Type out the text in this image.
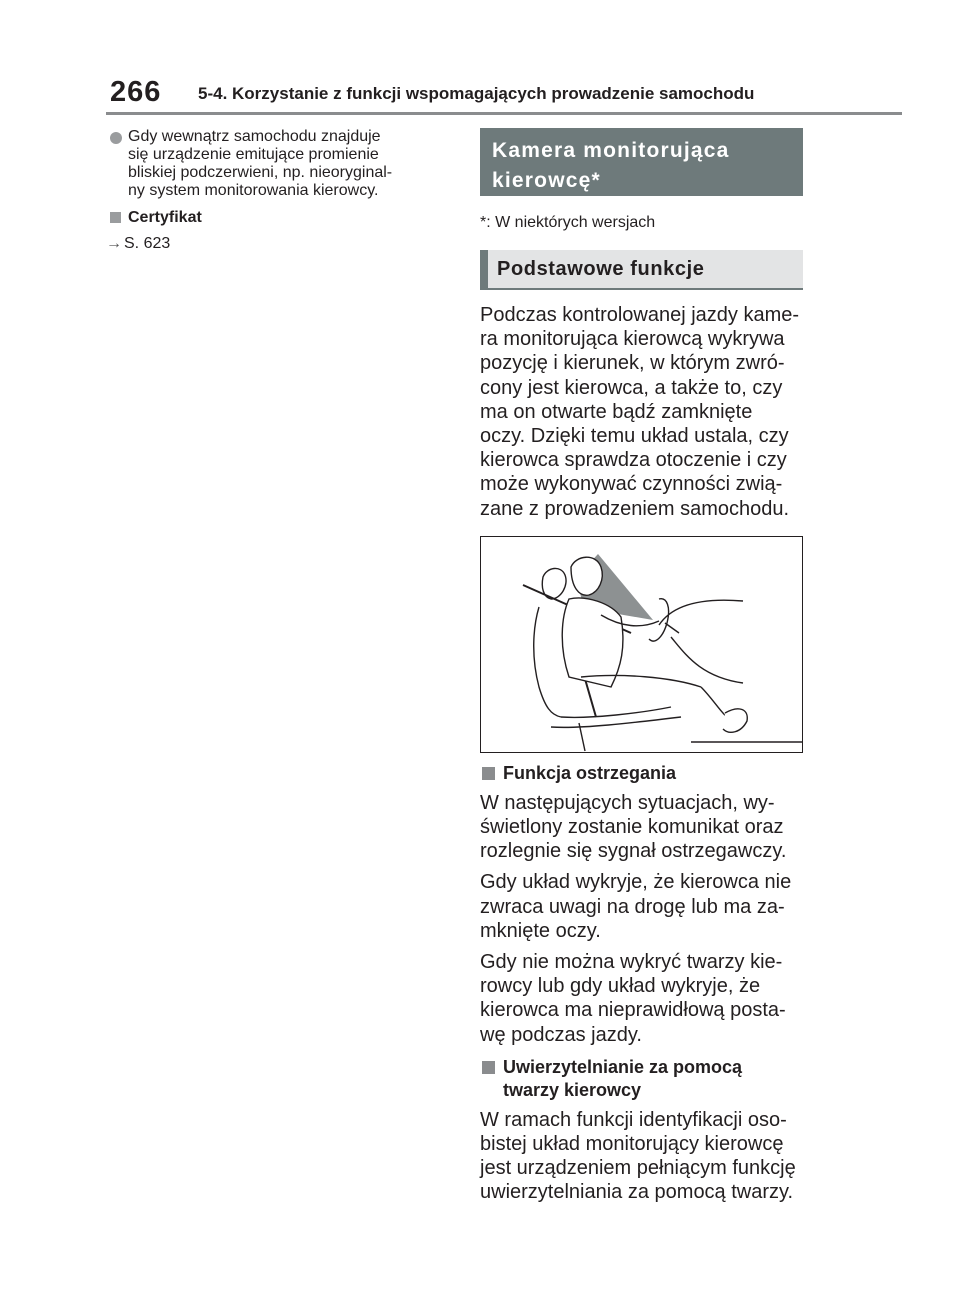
266 5-4. Korzystanie z funkcji wspomagających prowadzenie samochodu
Gdy wewnątrz samochodu znajduje
się urządzenie emitujące promienie
bliskiej podczerwieni, np. nieoryginal-
ny system monitorowania kierowcy.
Certyfikat
→ S. 623
Kamera monitorująca
kierowcę*
*: W niektórych wersjach
Podstawowe funkcje
Podczas kontrolowanej jazdy kame-
ra monitorująca kierowcą wykrywa
pozycję i kierunek, w którym zwró-
cony jest kierowca, a także to, czy
ma on otwarte bądź zamknięte
oczy. Dzięki temu układ ustala, czy
kierowca sprawdza otoczenie i czy
może wykonywać czynności zwią-
zane z prowadzeniem samochodu.
Funkcja ostrzegania
W następujących sytuacjach, wy-
świetlony zostanie komunikat oraz
rozlegnie się sygnał ostrzegawczy.
Gdy układ wykryje, że kierowca nie
zwraca uwagi na drogę lub ma za-
mknięte oczy.
Gdy nie można wykryć twarzy kie-
rowcy lub gdy układ wykryje, że
kierowca ma nieprawidłową posta-
wę podczas jazdy.
Uwierzytelnianie za pomocą
twarzy kierowcy
W ramach funkcji identyfikacji oso-
bistej układ monitorujący kierowcę
jest urządzeniem pełniącym funkcję
uwierzytelniania za pomocą twarzy.
